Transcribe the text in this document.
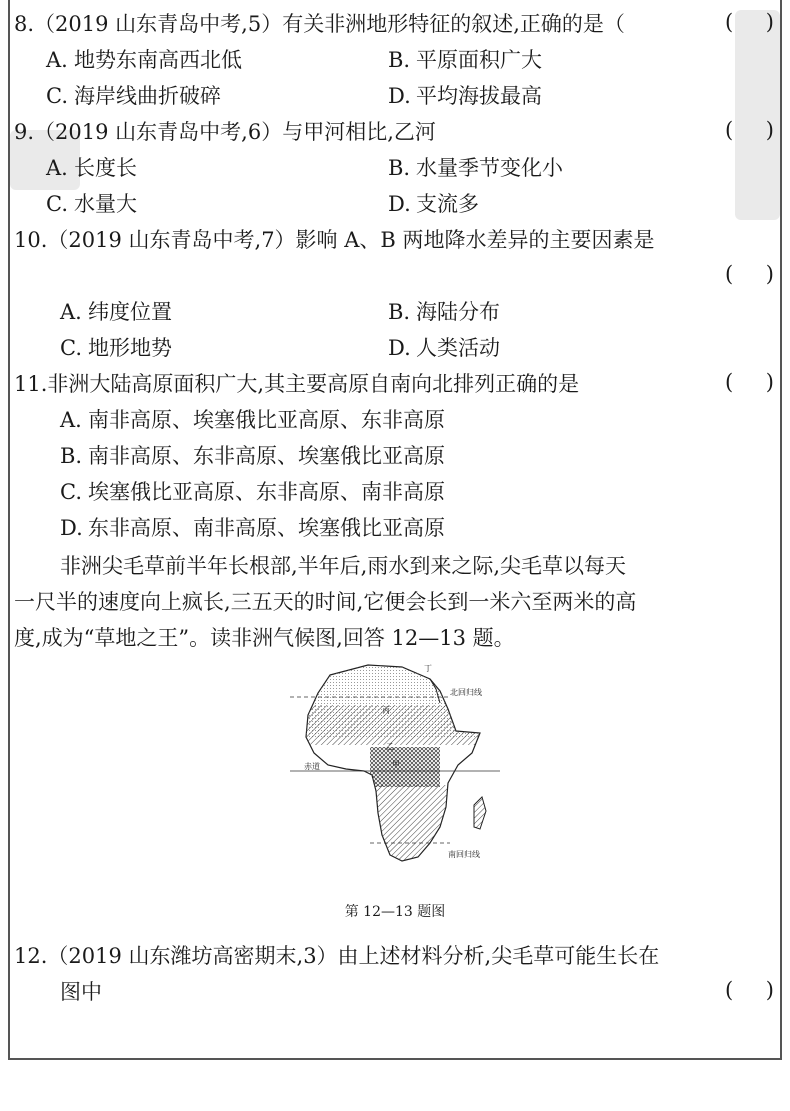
8.（2019 山东青岛中考,5）有关非洲地形特征的叙述,正确的是（	( )
A. 地势东南高西北低	B. 平原面积广大
C. 海岸线曲折破碎	D. 平均海拔最高
9.（2019 山东青岛中考,6）与甲河相比,乙河	( )
A. 长度长	B. 水量季节变化小
C. 水量大	D. 支流多
10.（2019 山东青岛中考,7）影响 A、B 两地降水差异的主要因素是
( )
A. 纬度位置	B. 海陆分布
C. 地形地势	D. 人类活动
11.非洲大陆高原面积广大,其主要高原自南向北排列正确的是	( )
A. 南非高原、埃塞俄比亚高原、东非高原
B. 南非高原、东非高原、埃塞俄比亚高原
C. 埃塞俄比亚高原、东非高原、南非高原
D. 东非高原、南非高原、埃塞俄比亚高原
非洲尖毛草前半年长根部,半年后,雨水到来之际,尖毛草以每天
一尺半的速度向上疯长,三五天的时间,它便会长到一米六至两米的高
度,成为“草地之王”。读非洲气候图,回答 12—13 题。
丁
丙
乙
甲
北回归线
赤道
南回归线
第 12—13 题图
12.（2019 山东潍坊高密期末,3）由上述材料分析,尖毛草可能生长在
图中	( )
